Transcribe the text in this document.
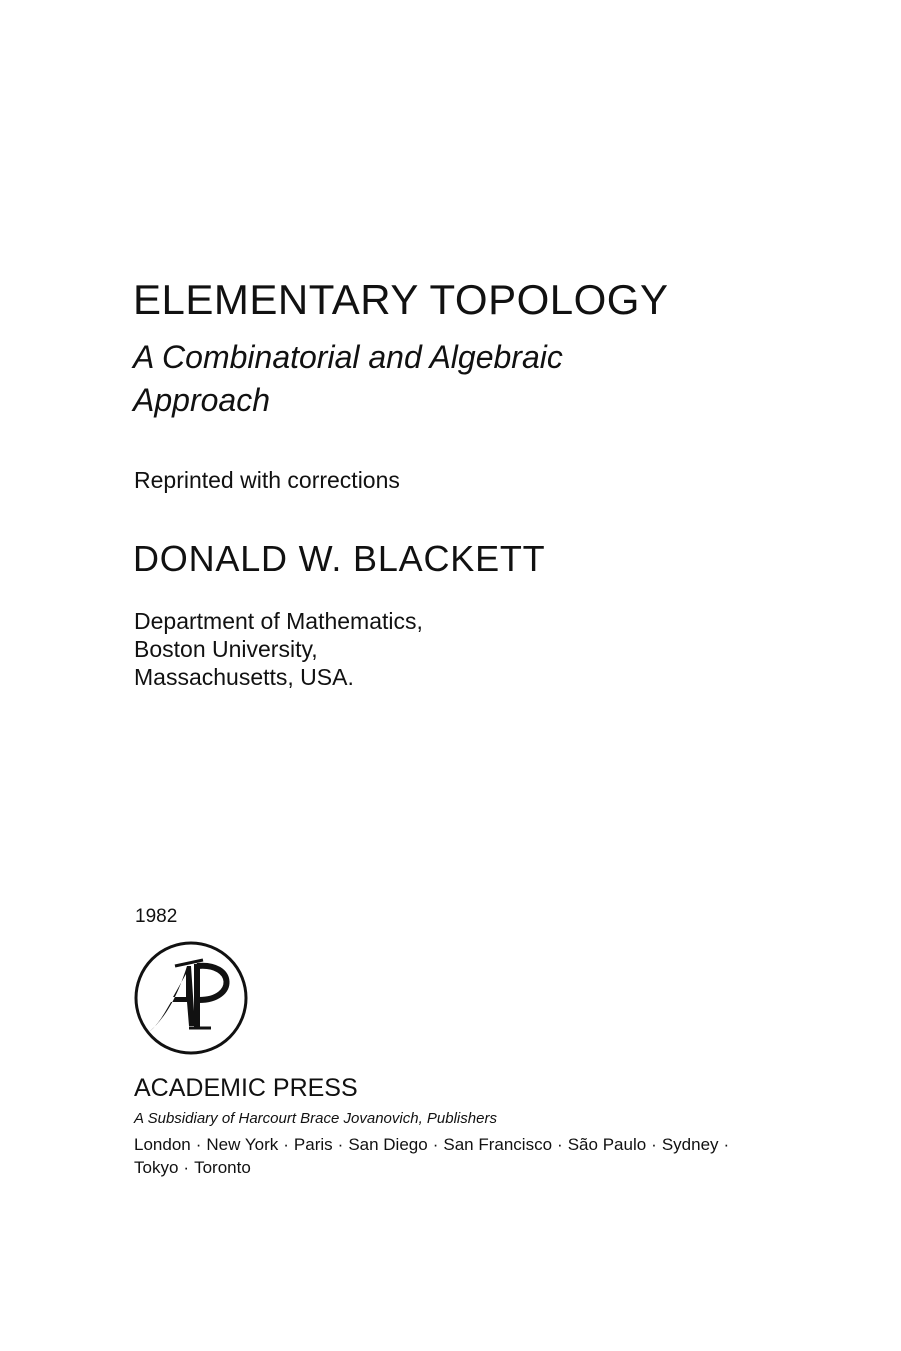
ELEMENTARY TOPOLOGY
A Combinatorial and Algebraic
Approach
Reprinted with corrections
DONALD W. BLACKETT
Department of Mathematics,
Boston University,
Massachusetts, USA.
1982
ACADEMIC PRESS
A Subsidiary of Harcourt Brace Jovanovich, Publishers
London · New York · Paris · San Diego · San Francisco · São Paulo · Sydney ·
Tokyo · Toronto
